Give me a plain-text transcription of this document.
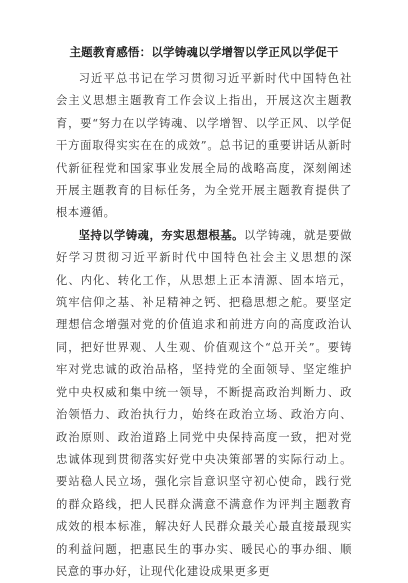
主题教育感悟：以学铸魂以学增智以学正风以学促干

习近平总书记在学习贯彻习近平新时代中国特色社会主义思想主题教育工作会议上指出，开展这次主题教育，要“努力在以学铸魂、以学增智、以学正风、以学促干方面取得实实在在的成效”。总书记的重要讲话从新时代新征程党和国家事业发展全局的战略高度，深刻阐述开展主题教育的目标任务，为全党开展主题教育提供了根本遵循。

坚持以学铸魂，夯实思想根基。以学铸魂，就是要做好学习贯彻习近平新时代中国特色社会主义思想的深化、内化、转化工作，从思想上正本清源、固本培元，筑牢信仰之基、补足精神之钙、把稳思想之舵。要坚定理想信念增强对党的价值追求和前进方向的高度政治认同，把好世界观、人生观、价值观这个“总开关”。要铸牢对党忠诚的政治品格，坚持党的全面领导、坚定维护党中央权威和集中统一领导，不断提高政治判断力、政治领悟力、政治执行力，始终在政治立场、政治方向、政治原则、政治道路上同党中央保持高度一致，把对党忠诚体现到贯彻落实好党中央决策部署的实际行动上。要站稳人民立场，强化宗旨意识坚守初心使命，践行党的群众路线，把人民群众满意不满意作为评判主题教育成效的根本标准，解决好人民群众最关心最直接最现实的利益问题，把惠民生的事办实、暖民心的事办细、顺民意的事办好，让现代化建设成果更多更
